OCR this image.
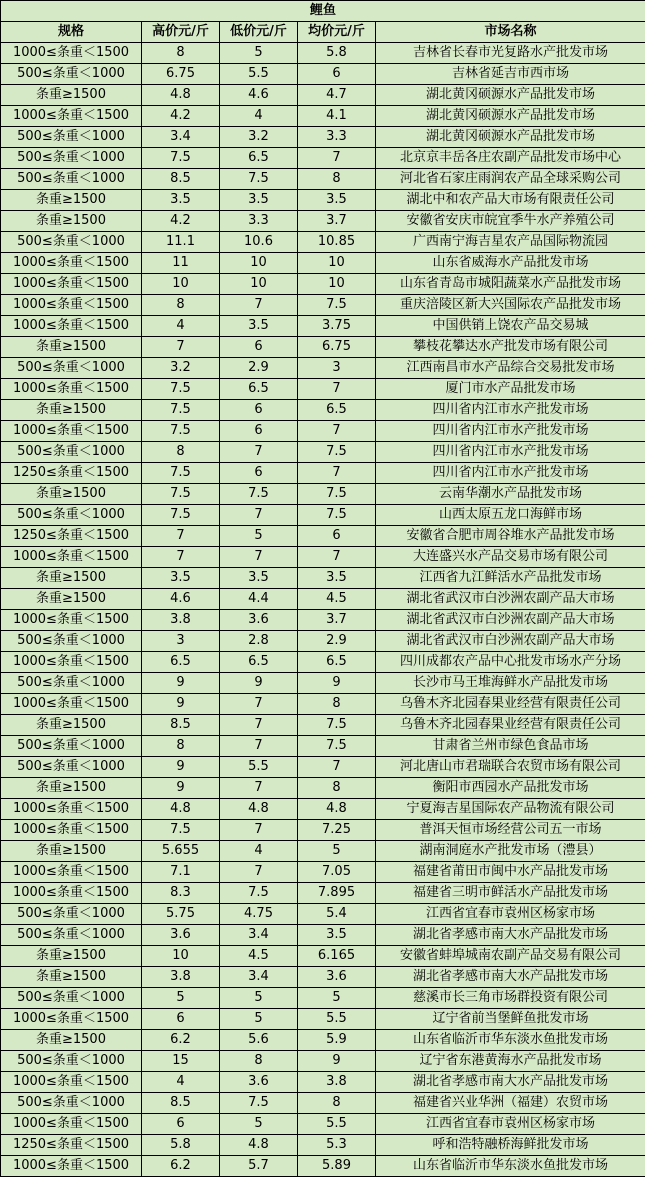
鲤鱼				
规格	高价元/斤	低价元/斤	均价元/斤	市场名称
1000≤条重＜1500	8	5	5.8	吉林省长春市光复路水产批发市场
500≤条重＜1000	6.75	5.5	6	吉林省延吉市西市场
条重≥1500	4.8	4.6	4.7	湖北黄冈硕源水产品批发市场
1000≤条重＜1500	4.2	4	4.1	湖北黄冈硕源水产品批发市场
500≤条重＜1000	3.4	3.2	3.3	湖北黄冈硕源水产品批发市场
500≤条重＜1000	7.5	6.5	7	北京京丰岳各庄农副产品批发市场中心
500≤条重＜1000	8.5	7.5	8	河北省石家庄雨润农产品全球采购公司
条重≥1500	3.5	3.5	3.5	湖北中和农产品大市场有限责任公司
条重≥1500	4.2	3.3	3.7	安徽省安庆市皖宜季牛水产养殖公司
500≤条重＜1000	11.1	10.6	10.85	广西南宁海吉星农产品国际物流园
1000≤条重＜1500	11	10	10	山东省威海水产品批发市场
1000≤条重＜1500	10	10	10	山东省青岛市城阳蔬菜水产品批发市场
1000≤条重＜1500	8	7	7.5	重庆涪陵区新大兴国际农产品批发市场
1000≤条重＜1500	4	3.5	3.75	中国供销上饶农产品交易城
条重≥1500	7	6	6.75	攀枝花攀达水产批发市场有限公司
500≤条重＜1000	3.2	2.9	3	江西南昌市水产品综合交易批发市场
1000≤条重＜1500	7.5	6.5	7	厦门市水产品批发市场
条重≥1500	7.5	6	6.5	四川省内江市水产批发市场
1000≤条重＜1500	7.5	6	7	四川省内江市水产批发市场
500≤条重＜1000	8	7	7.5	四川省内江市水产批发市场
1250≤条重＜1500	7.5	6	7	四川省内江市水产批发市场
条重≥1500	7.5	7.5	7.5	云南华潮水产品批发市场
500≤条重＜1000	7.5	7	7.5	山西太原五龙口海鲜市场
1250≤条重＜1500	7	5	6	安徽省合肥市周谷堆水产品批发市场
1000≤条重＜1500	7	7	7	大连盛兴水产品交易市场有限公司
条重≥1500	3.5	3.5	3.5	江西省九江鲜活水产品批发市场
条重≥1500	4.6	4.4	4.5	湖北省武汉市白沙洲农副产品大市场
1000≤条重＜1500	3.8	3.6	3.7	湖北省武汉市白沙洲农副产品大市场
500≤条重＜1000	3	2.8	2.9	湖北省武汉市白沙洲农副产品大市场
1000≤条重＜1500	6.5	6.5	6.5	四川成都农产品中心批发市场水产分场
500≤条重＜1000	9	9	9	长沙市马王堆海鲜水产品批发市场
1000≤条重＜1500	9	7	8	乌鲁木齐北园春果业经营有限责任公司
条重≥1500	8.5	7	7.5	乌鲁木齐北园春果业经营有限责任公司
500≤条重＜1000	8	7	7.5	甘肃省兰州市绿色食品市场
500≤条重＜1000	9	5.5	7	河北唐山市君瑞联合农贸市场有限公司
条重≥1500	9	7	8	衡阳市西园水产品批发市场
1000≤条重＜1500	4.8	4.8	4.8	宁夏海吉星国际农产品物流有限公司
1000≤条重＜1500	7.5	7	7.25	普洱天恒市场经营公司五一市场
条重≥1500	5.655	4	5	湖南洞庭水产批发市场（澧县）
1000≤条重＜1500	7.1	7	7.05	福建省莆田市闽中水产品批发市场
1000≤条重＜1500	8.3	7.5	7.895	福建省三明市鲜活水产品批发市场
500≤条重＜1000	5.75	4.75	5.4	江西省宜春市袁州区杨家市场
500≤条重＜1000	3.6	3.4	3.5	湖北省孝感市南大水产品批发市场
条重≥1500	10	4.5	6.165	安徽省蚌埠城南农副产品交易有限公司
条重≥1500	3.8	3.4	3.6	湖北省孝感市南大水产品批发市场
500≤条重＜1000	5	5	5	慈溪市长三角市场群投资有限公司
1000≤条重＜1500	6	5	5.5	辽宁省前当堡鲜鱼批发市场
条重≥1500	6.2	5.6	5.9	山东省临沂市华东淡水鱼批发市场
500≤条重＜1000	15	8	9	辽宁省东港黄海水产品批发市场
1000≤条重＜1500	4	3.6	3.8	湖北省孝感市南大水产品批发市场
500≤条重＜1000	8.5	7.5	8	福建省兴业华洲（福建）农贸市场
1000≤条重＜1500	6	5	5.5	江西省宜春市袁州区杨家市场
1250≤条重＜1500	5.8	4.8	5.3	呼和浩特融桥海鲜批发市场
1000≤条重＜1500	6.2	5.7	5.89	山东省临沂市华东淡水鱼批发市场
